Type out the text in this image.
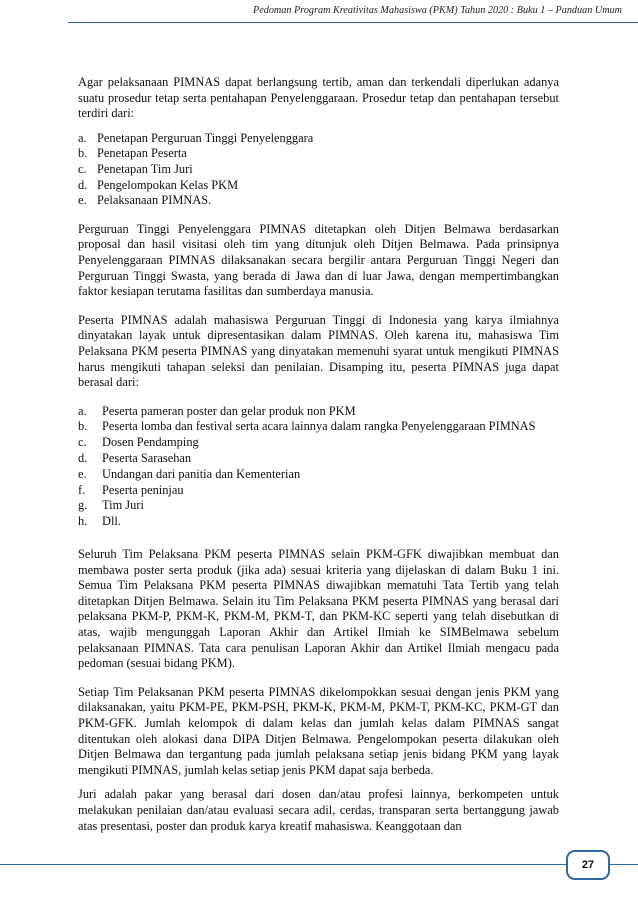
Pedoman Program Kreativitas Mahasiswa (PKM) Tahun 2020 : Buku 1 – Panduan Umum

Agar pelaksanaan PIMNAS dapat berlangsung tertib, aman dan terkendali diperlukan adanya suatu prosedur tetap serta pentahapan Penyelenggaraan. Prosedur tetap dan pentahapan tersebut terdiri dari:

a. Penetapan Perguruan Tinggi Penyelenggara
b. Penetapan Peserta
c. Penetapan Tim Juri
d. Pengelompokan Kelas PKM
e. Pelaksanaan PIMNAS.

Perguruan Tinggi Penyelenggara PIMNAS ditetapkan oleh Ditjen Belmawa berdasarkan proposal dan hasil visitasi oleh tim yang ditunjuk oleh Ditjen Belmawa. Pada prinsipnya Penyelenggaraan PIMNAS dilaksanakan secara bergilir antara Perguruan Tinggi Negeri dan Perguruan Tinggi Swasta, yang berada di Jawa dan di luar Jawa, dengan mempertimbangkan faktor kesiapan terutama fasilitas dan sumberdaya manusia.

Peserta PIMNAS adalah mahasiswa Perguruan Tinggi di Indonesia yang karya ilmiahnya dinyatakan layak untuk dipresentasikan dalam PIMNAS. Oleh karena itu, mahasiswa Tim Pelaksana PKM peserta PIMNAS yang dinyatakan memenuhi syarat untuk mengikuti PIMNAS harus mengikuti tahapan seleksi dan penilaian. Disamping itu, peserta PIMNAS juga dapat berasal dari:

a.	Peserta pameran poster dan gelar produk non PKM
b.	Peserta lomba dan festival serta acara lainnya dalam rangka Penyelenggaraan PIMNAS
c.	Dosen Pendamping
d.	Peserta Sarasehan
e.	Undangan dari panitia dan Kementerian
f.	Peserta peninjau
g.	Tim Juri
h.	Dll.

Seluruh Tim Pelaksana PKM peserta PIMNAS selain PKM-GFK diwajibkan membuat dan membawa poster serta produk (jika ada) sesuai kriteria yang dijelaskan di dalam Buku 1 ini. Semua Tim Pelaksana PKM peserta PIMNAS diwajibkan mematuhi Tata Tertib yang telah ditetapkan Ditjen Belmawa. Selain itu Tim Pelaksana PKM peserta PIMNAS yang berasal dari pelaksana PKM-P, PKM-K, PKM-M, PKM-T, dan PKM-KC seperti yang telah disebutkan di atas, wajib mengunggah Laporan Akhir dan Artikel Ilmiah ke SIMBelmawa sebelum pelaksanaan PIMNAS. Tata cara penulisan Laporan Akhir dan Artikel Ilmiah mengacu pada pedoman (sesuai bidang PKM).

Setiap Tim Pelaksanan PKM peserta PIMNAS dikelompokkan sesuai dengan jenis PKM yang dilaksanakan, yaitu PKM-PE, PKM-PSH, PKM-K, PKM-M, PKM-T, PKM-KC, PKM-GT dan PKM-GFK. Jumlah kelompok di dalam kelas dan jumlah kelas dalam PIMNAS sangat ditentukan oleh alokasi dana DIPA Ditjen Belmawa. Pengelompokan peserta dilakukan oleh Ditjen Belmawa dan tergantung pada jumlah pelaksana setiap jenis bidang PKM yang layak mengikuti PIMNAS, jumlah kelas setiap jenis PKM dapat saja berbeda.

Juri adalah pakar yang berasal dari dosen dan/atau profesi lainnya, berkompeten untuk melakukan penilaian dan/atau evaluasi secara adil, cerdas, transparan serta bertanggung jawab atas presentasi, poster dan produk karya kreatif mahasiswa. Keanggotaan dan

27
